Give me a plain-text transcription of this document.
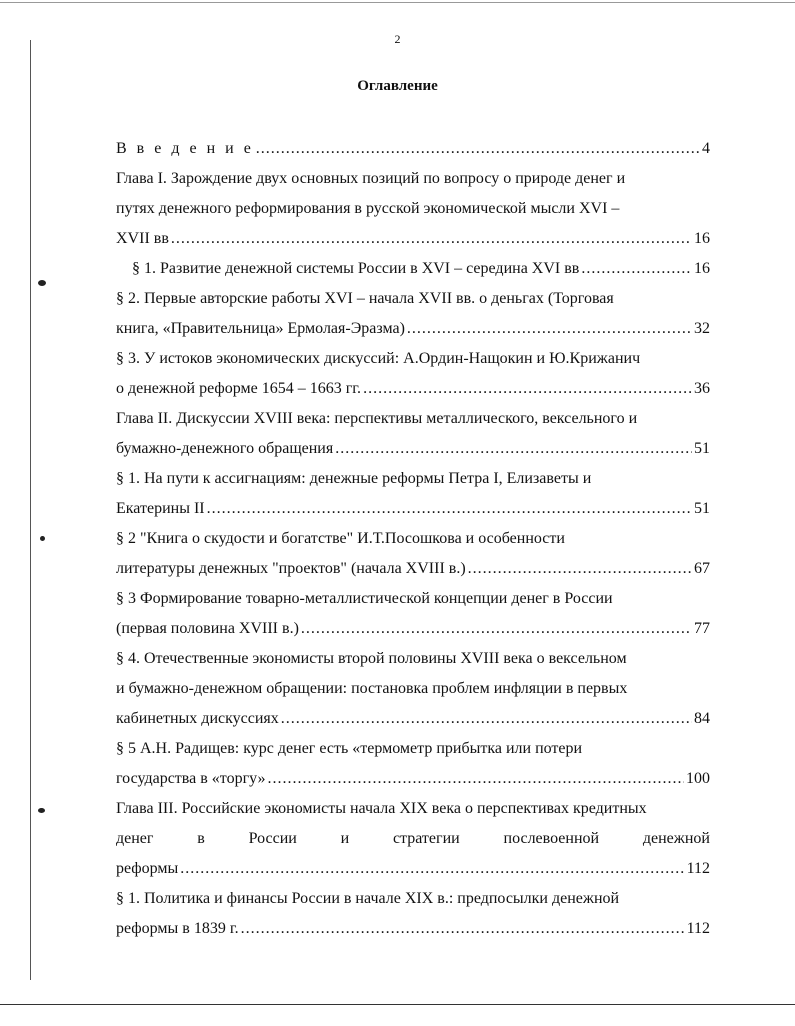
2
Оглавление
В в е д е н и е .....	4
Глава I. Зарождение двух основных позиций по вопросу о природе денег и
путях денежного реформирования в русской экономической мысли XVI –
XVII вв .....	16
§ 1. Развитие денежной системы России в XVI – середина XVI вв .....	16
§ 2. Первые авторские работы XVI – начала XVII вв. о деньгах (Торговая
книга, «Правительница» Ермолая-Эразма) .....	32
§ 3. У истоков экономических дискуссий: А.Ордин-Нащокин и Ю.Крижанич
о денежной реформе 1654 – 1663 гг. .....	36
Глава II. Дискуссии XVIII века: перспективы металлического, вексельного и
бумажно-денежного обращения .....	51
§ 1. На пути к ассигнациям: денежные реформы Петра I, Елизаветы и
Екатерины II .....	51
§ 2 "Книга о скудости и богатстве" И.Т.Посошкова и особенности
литературы денежных "проектов" (начала XVIII в.) .....	67
§ 3 Формирование товарно-металлистической концепции денег в России
(первая половина XVIII в.) .....	77
§ 4. Отечественные экономисты второй половины XVIII века о вексельном
и бумажно-денежном обращении: постановка проблем инфляции в первых
кабинетных дискуссиях .....	84
§ 5 А.Н. Радищев: курс денег есть «термометр прибытка или потери
государства в «торгу» .....	100
Глава III. Российские экономисты начала XIX века о перспективах кредитных
денег	в	России	и	стратегии	послевоенной	денежной
реформы .....	112
§ 1. Политика и финансы России в начале XIX в.: предпосылки денежной
реформы в 1839 г. .....	112
